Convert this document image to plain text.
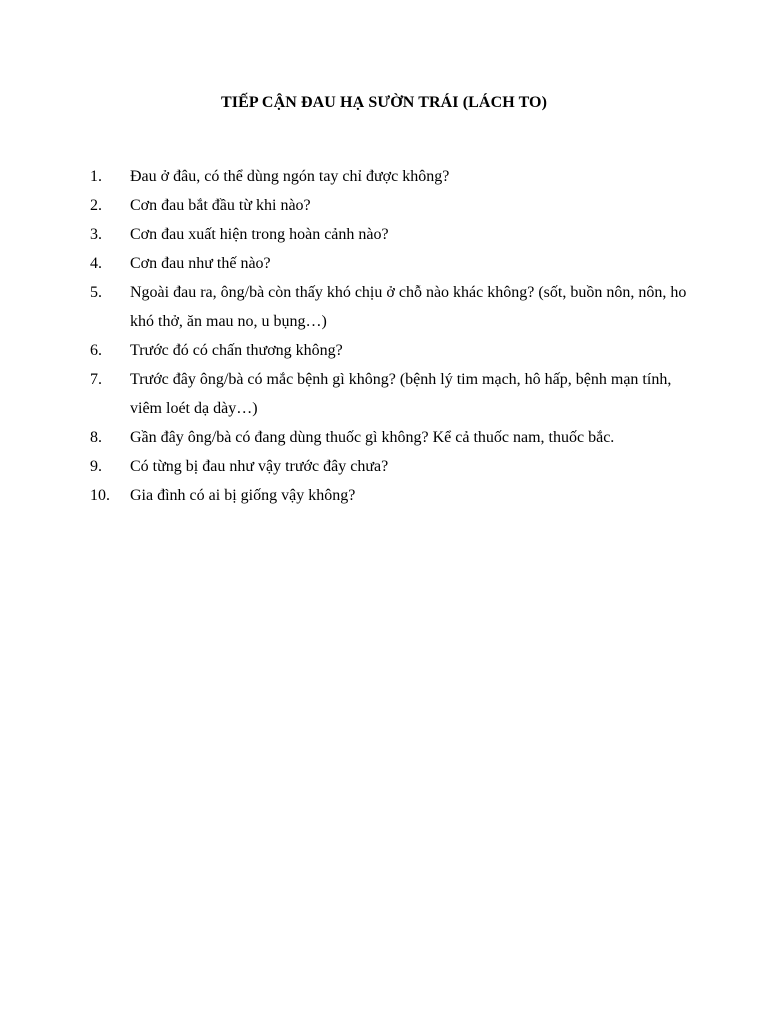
TIẾP CẬN ĐAU HẠ SƯỜN TRÁI (LÁCH TO)
1. Đau ở đâu, có thể dùng ngón tay chỉ được không?
2. Cơn đau bắt đầu từ khi nào?
3. Cơn đau xuất hiện trong hoàn cảnh nào?
4. Cơn đau như thế nào?
5. Ngoài đau ra, ông/bà còn thấy khó chịu ở chỗ nào khác không? (sốt, buồn nôn, nôn, ho khó thở, ăn mau no, u bụng…)
6. Trước đó có chấn thương không?
7. Trước đây ông/bà có mắc bệnh gì không? (bệnh lý tim mạch, hô hấp, bệnh mạn tính, viêm loét dạ dày…)
8. Gần đây ông/bà có đang dùng thuốc gì không? Kể cả thuốc nam, thuốc bắc.
9. Có từng bị đau như vậy trước đây chưa?
10. Gia đình có ai bị giống vậy không?
